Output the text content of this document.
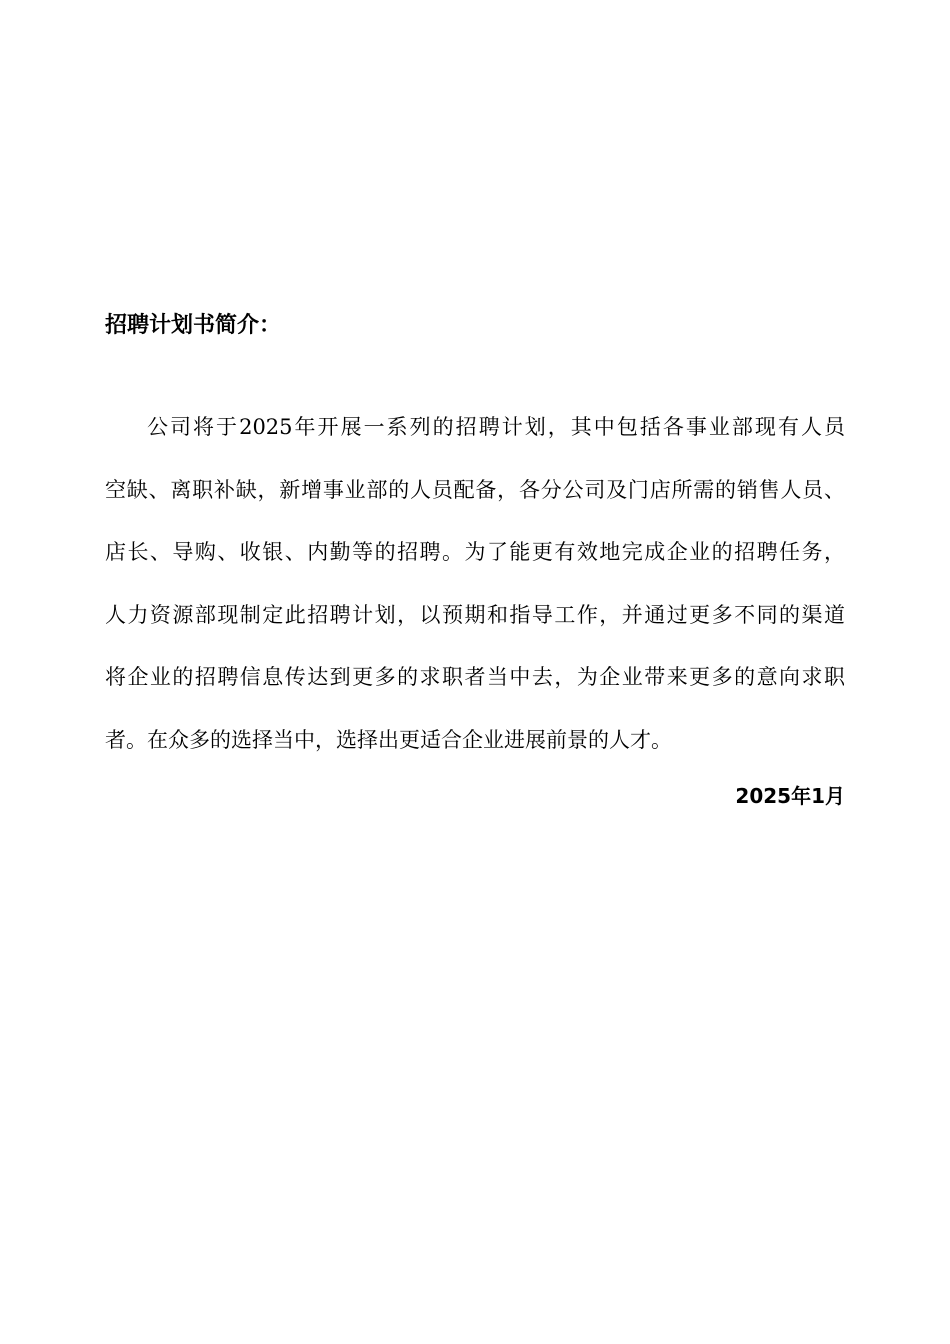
招聘计划书简介：
公司将于2025年开展一系列的招聘计划，其中包括各事业部现有人员
空缺、离职补缺，新增事业部的人员配备，各分公司及门店所需的销售人员、
店长、导购、收银、内勤等的招聘。为了能更有效地完成企业的招聘任务，
人力资源部现制定此招聘计划，以预期和指导工作，并通过更多不同的渠道
将企业的招聘信息传达到更多的求职者当中去，为企业带来更多的意向求职
者。在众多的选择当中，选择出更适合企业进展前景的人才。
2025年1月
